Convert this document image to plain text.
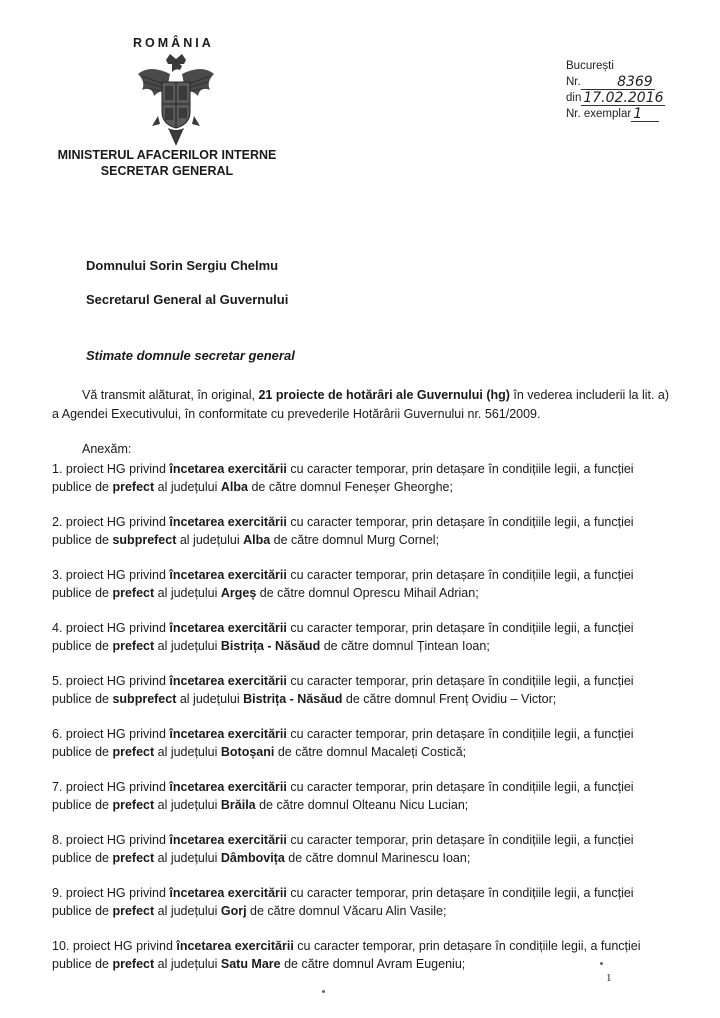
ROMÂNIA
MINISTERUL AFACERILOR INTERNE
SECRETAR GENERAL
București
Nr.	8369
din 17.02.2016
Nr. exemplar 1
Domnului Sorin Sergiu Chelmu
Secretarul General al Guvernului
Stimate domnule secretar general
Vă transmit alăturat, în original, 21 proiecte de hotărâri ale Guvernului (hg) în vederea includerii la lit. a) a Agendei Executivului, în conformitate cu prevederile Hotărârii Guvernului nr. 561/2009.
Anexăm:
1. proiect HG privind încetarea exercitării cu caracter temporar, prin detașare în condițiile legii, a funcției publice de prefect al județului Alba de către domnul Feneșer Gheorghe;
2. proiect HG privind încetarea exercitării cu caracter temporar, prin detașare în condițiile legii, a funcției publice de subprefect al județului Alba de către domnul Murg Cornel;
3. proiect HG privind încetarea exercitării cu caracter temporar, prin detașare în condițiile legii, a funcției publice de prefect al județului Argeș de către domnul Oprescu Mihail Adrian;
4. proiect HG privind încetarea exercitării cu caracter temporar, prin detașare în condițiile legii, a funcției publice de prefect al județului Bistrița - Năsăud de către domnul Țintean Ioan;
5. proiect HG privind încetarea exercitării cu caracter temporar, prin detașare în condițiile legii, a funcției publice de subprefect al județului Bistrița - Năsăud de către domnul Frenț Ovidiu – Victor;
6. proiect HG privind încetarea exercitării cu caracter temporar, prin detașare în condițiile legii, a funcției publice de prefect al județului Botoșani de către domnul Macaleți Costică;
7. proiect HG privind încetarea exercitării cu caracter temporar, prin detașare în condițiile legii, a funcției publice de prefect al județului Brăila de către domnul Olteanu Nicu Lucian;
8. proiect HG privind încetarea exercitării cu caracter temporar, prin detașare în condițiile legii, a funcției publice de prefect al județului Dâmbovița de către domnul Marinescu Ioan;
9. proiect HG privind încetarea exercitării cu caracter temporar, prin detașare în condițiile legii, a funcției publice de prefect al județului Gorj de către domnul Văcaru Alin Vasile;
10. proiect HG privind încetarea exercitării cu caracter temporar, prin detașare în condițiile legii, a funcției publice de prefect al județului Satu Mare de către domnul Avram Eugeniu;
1
